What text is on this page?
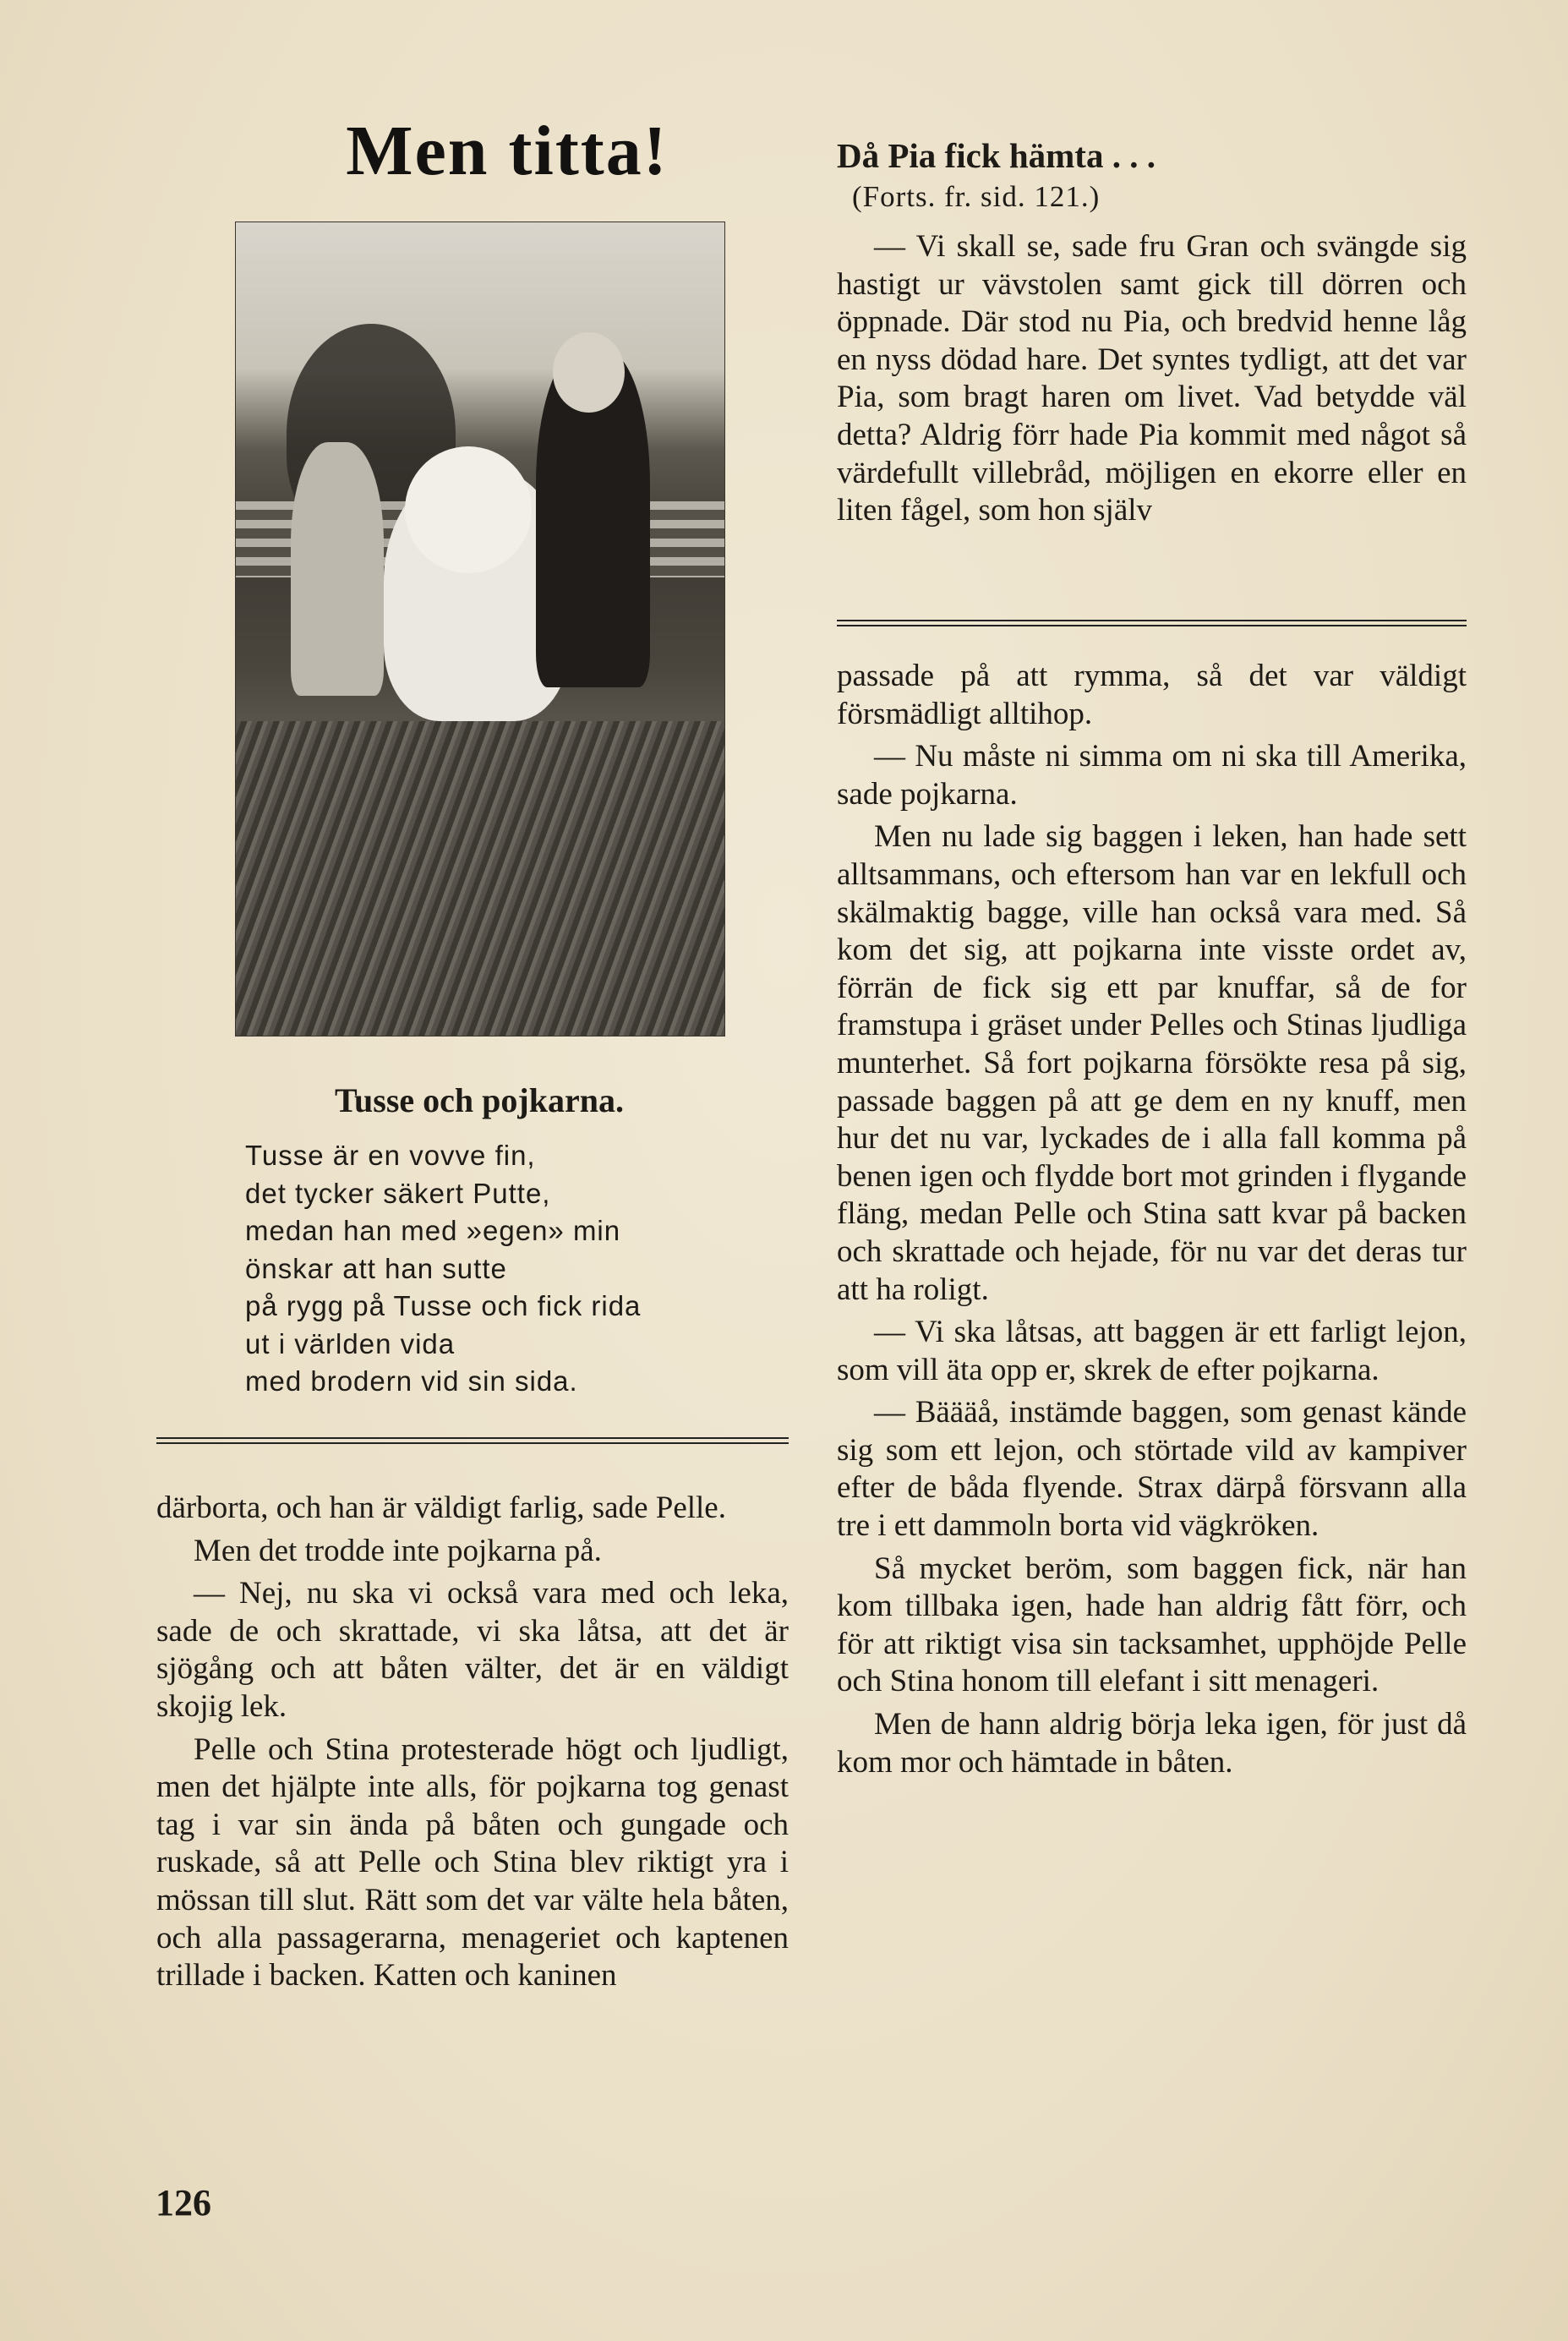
Men titta!
Tusse och pojkarna.
Tusse är en vovve fin,
det tycker säkert Putte,
medan han med »egen» min
önskar att han sutte
på rygg på Tusse och fick rida
ut i världen vida
med brodern vid sin sida.

därborta, och han är väldigt farlig, sade Pelle.

Men det trodde inte pojkarna på.

— Nej, nu ska vi också vara med och leka, sade de och skrattade, vi ska låtsa, att det är sjögång och att båten välter, det är en väldigt skojig lek.

Pelle och Stina protesterade högt och ljudligt, men det hjälpte inte alls, för pojkarna tog genast tag i var sin ända på båten och gungade och ruskade, så att Pelle och Stina blev riktigt yra i mössan till slut. Rätt som det var välte hela båten, och alla passagerarna, menageriet och kaptenen trillade i backen. Katten och kaninen

Då Pia fick hämta . . .
(Forts. fr. sid. 121.)

— Vi skall se, sade fru Gran och svängde sig hastigt ur vävstolen samt gick till dörren och öppnade. Där stod nu Pia, och bredvid henne låg en nyss dödad hare. Det syntes tydligt, att det var Pia, som bragt haren om livet. Vad betydde väl detta? Aldrig förr hade Pia kommit med något så värdefullt villebråd, möjligen en ekorre eller en liten fågel, som hon själv

passade på att rymma, så det var väldigt försmädligt alltihop.

— Nu måste ni simma om ni ska till Amerika, sade pojkarna.

Men nu lade sig baggen i leken, han hade sett alltsammans, och eftersom han var en lekfull och skälmaktig bagge, ville han också vara med. Så kom det sig, att pojkarna inte visste ordet av, förrän de fick sig ett par knuffar, så de for framstupa i gräset under Pelles och Stinas ljudliga munterhet. Så fort pojkarna försökte resa på sig, passade baggen på att ge dem en ny knuff, men hur det nu var, lyckades de i alla fall komma på benen igen och flydde bort mot grinden i flygande fläng, medan Pelle och Stina satt kvar på backen och skrattade och hejade, för nu var det deras tur att ha roligt.

— Vi ska låtsas, att baggen är ett farligt lejon, som vill äta opp er, skrek de efter pojkarna.

— Bäääå, instämde baggen, som genast kände sig som ett lejon, och störtade vild av kampiver efter de båda flyende. Strax därpå försvann alla tre i ett dammoln borta vid vägkröken.

Så mycket beröm, som baggen fick, när han kom tillbaka igen, hade han aldrig fått förr, och för att riktigt visa sin tacksamhet, upphöjde Pelle och Stina honom till elefant i sitt menageri.

Men de hann aldrig börja leka igen, för just då kom mor och hämtade in båten.

126
